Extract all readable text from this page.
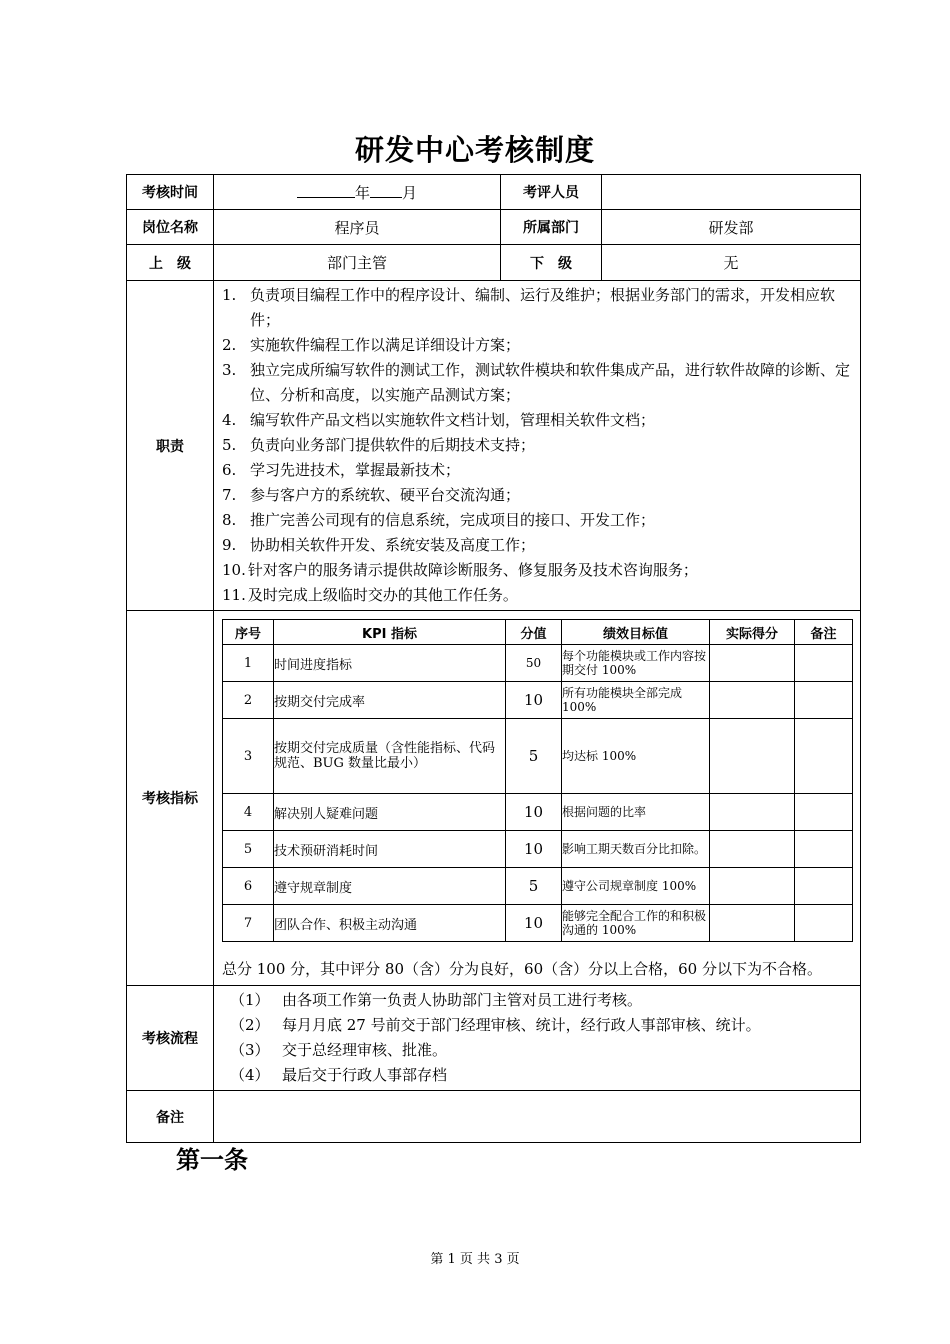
研发中心考核制度
考核时间	年 月	考评人员	
岗位名称	程序员	所属部门	研发部
上　级	部门主管	下　级	无
职责	
1. 负责项目编程工作中的程序设计、编制、运行及维护；根据业务部门的需求，开发相应软件；
2. 实施软件编程工作以满足详细设计方案；
3. 独立完成所编写软件的测试工作，测试软件模块和软件集成产品，进行软件故障的诊断、定位、分析和高度，以实施产品测试方案；
4. 编写软件产品文档以实施软件文档计划，管理相关软件文档；
5. 负责向业务部门提供软件的后期技术支持；
6. 学习先进技术，掌握最新技术；
7. 参与客户方的系统软、硬平台交流沟通；
8. 推广完善公司现有的信息系统，完成项目的接口、开发工作；
9. 协助相关软件开发、系统安装及高度工作；
10. 针对客户的服务请示提供故障诊断服务、修复服务及技术咨询服务；
11. 及时完成上级临时交办的其他工作任务。

考核指标	
序号	KPI 指标	分值	绩效目标值	实际得分	备注
1	时间进度指标	50	每个功能模块或工作内容按期交付 100%		
2	按期交付完成率	10	所有功能模块全部完成 100%		
3	按期交付完成质量（含性能指标、代码规范、BUG 数量比最小）	5	均达标 100%		
4	解决别人疑难问题	10	根据问题的比率		
5	技术预研消耗时间	10	影响工期天数百分比扣除。		
6	遵守规章制度	5	遵守公司规章制度 100%		
7	团队合作、积极主动沟通	10	能够完全配合工作的和积极沟通的 100%		
总分 100 分，其中评分 80（含）分为良好，60（含）分以上合格，60 分以下为不合格。

考核流程	
（1） 由各项工作第一负责人协助部门主管对员工进行考核。
（2） 每月月底 27 号前交于部门经理审核、统计，经行政人事部审核、统计。
（3） 交于总经理审核、批准。
（4） 最后交于行政人事部存档

备注	
第一条
第 1 页 共 3 页
